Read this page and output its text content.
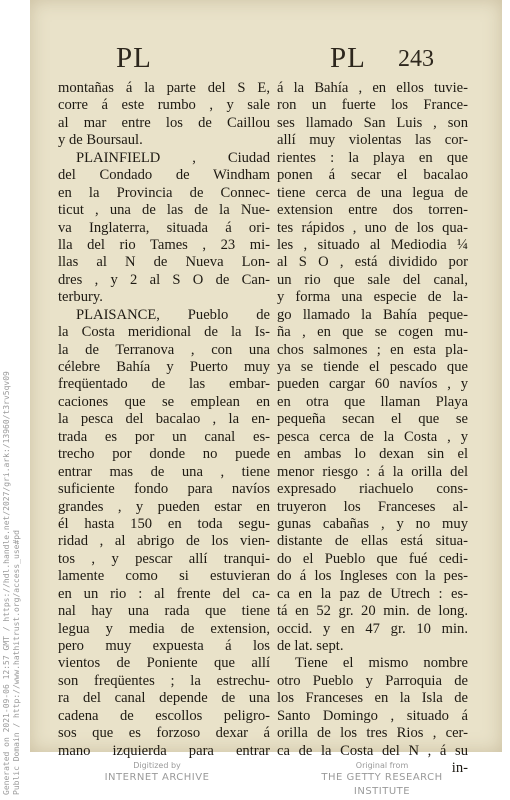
Generated on 2021-09-06 12:57 GMT / https://hdl.handle.net/2027/gri.ark:/13960/t3rv5qv09 Public Domain / http://www.hathitrust.org/access_use#pd
PL	PL 243
montañas á la parte del S E,
corre á este rumbo , y sale
al mar entre los de Caillou
y de Boursaul.
PLAINFIELD , Ciudad
del Condado de Windham
en la Provincia de Connec-
ticut , una de las de la Nue-
va Inglaterra, situada á ori-
lla del rio Tames , 23 mi-
llas al N de Nueva Lon-
dres , y 2 al S O de Can-
terbury.
PLAISANCE, Pueblo de
la Costa meridional de la Is-
la de Terranova , con una
célebre Bahía y Puerto muy
freqüentado de las embar-
caciones que se emplean en
la pesca del bacalao , la en-
trada es por un canal es-
trecho por donde no puede
entrar mas de una , tiene
suficiente fondo para navíos
grandes , y pueden estar en
él hasta 150 en toda segu-
ridad , al abrigo de los vien-
tos , y pescar allí tranqui-
lamente como si estuvieran
en un rio : al frente del ca-
nal hay una rada que tiene
legua y media de extension,
pero muy expuesta á los
vientos de Poniente que allí
son freqüentes ; la estrechu-
ra del canal depende de una
cadena de escollos peligro-
sos que es forzoso dexar á
mano izquierda para entrar
á la Bahía , en ellos tuvie-
ron un fuerte los France-
ses llamado San Luis , son
allí muy violentas las cor-
rientes : la playa en que
ponen á secar el bacalao
tiene cerca de una legua de
extension entre dos torren-
tes rápidos , uno de los qua-
les , situado al Mediodia ¼
al S O , está dividido por
un rio que sale del canal,
y forma una especie de la-
go llamado la Bahía peque-
ña , en que se cogen mu-
chos salmones ; en esta pla-
ya se tiende el pescado que
pueden cargar 60 navíos , y
en otra que llaman Playa
pequeña secan el que se
pesca cerca de la Costa , y
en ambas lo dexan sin el
menor riesgo : á la orilla del
expresado riachuelo cons-
truyeron los Franceses al-
gunas cabañas , y no muy
distante de ellas está situa-
do el Pueblo que fué cedi-
do á los Ingleses con la pes-
ca en la paz de Utrech : es-
tá en 52 gr. 20 min. de long.
occid. y en 47 gr. 10 min.
de lat. sept.
Tiene el mismo nombre
otro Pueblo y Parroquia de
los Franceses en la Isla de
Santo Domingo , situado á
orilla de los tres Rios , cer-
ca de la Costa del N , á su
in-
Digitized by
INTERNET ARCHIVE
Original from
THE GETTY RESEARCH INSTITUTE
